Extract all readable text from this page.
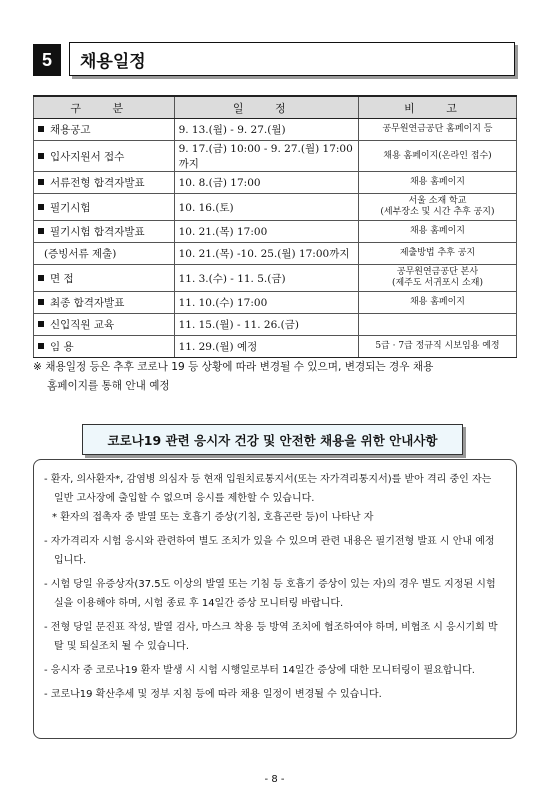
5	채용일정
구 분	일 정	비 고
채용공고	9. 13.(월) - 9. 27.(월)	공무원연금공단 홈페이지 등

입사지원서 접수	9. 17.(금) 10:00 - 9. 27.(월) 17:00까지	채용 홈페이지(온라인 접수)

서류전형 합격자발표	10. 8.(금) 17:00	채용 홈페이지

필기시험	10. 16.(토)	서울 소재 학교
(세부장소 및 시간 추후 공지)

필기시험 합격자발표	10. 21.(목) 17:00	채용 홈페이지

(증빙서류 제출)	10. 21.(목) -10. 25.(월) 17:00까지	제출방법 추후 공지

면 접	11. 3.(수) - 11. 5.(금)	공무원연금공단 본사
(제주도 서귀포시 소재)

최종 합격자발표	11. 10.(수) 17:00	채용 홈페이지

신입직원 교육	11. 15.(월) - 11. 26.(금)	

임 용	11. 29.(월) 예정	5급 · 7급 정규직 시보임용 예정
※ 채용일정 등은 추후 코로나 19 등 상황에 따라 변경될 수 있으며, 변경되는 경우 채용
홈페이지를 통해 안내 예정
코로나19 관련 응시자 건강 및 안전한 채용을 위한 안내사항
- 환자, 의사환자*, 감염병 의심자 등 현재 입원치료통지서(또는 자가격리통지서)를 받아 격리 중인 자는 일반 고사장에 출입할 수 없으며 응시를 제한할 수 있습니다.
* 환자의 접촉자 중 발열 또는 호흡기 증상(기침, 호흡곤란 등)이 나타난 자
- 자가격리자 시험 응시와 관련하여 별도 조치가 있을 수 있으며 관련 내용은 필기전형 발표 시 안내 예정입니다.
- 시험 당일 유증상자(37.5도 이상의 발열 또는 기침 등 호흡기 증상이 있는 자)의 경우 별도 지정된 시험실을 이용해야 하며, 시험 종료 후 14일간 증상 모니터링 바랍니다.
- 전형 당일 문진표 작성, 발열 검사, 마스크 착용 등 방역 조치에 협조하여야 하며, 비협조 시 응시기회 박탈 및 퇴실조치 될 수 있습니다.
- 응시자 중 코로나19 환자 발생 시 시험 시행일로부터 14일간 증상에 대한 모니터링이 필요합니다.
- 코로나19 확산추세 및 정부 지침 등에 따라 채용 일정이 변경될 수 있습니다.
- 8 -
